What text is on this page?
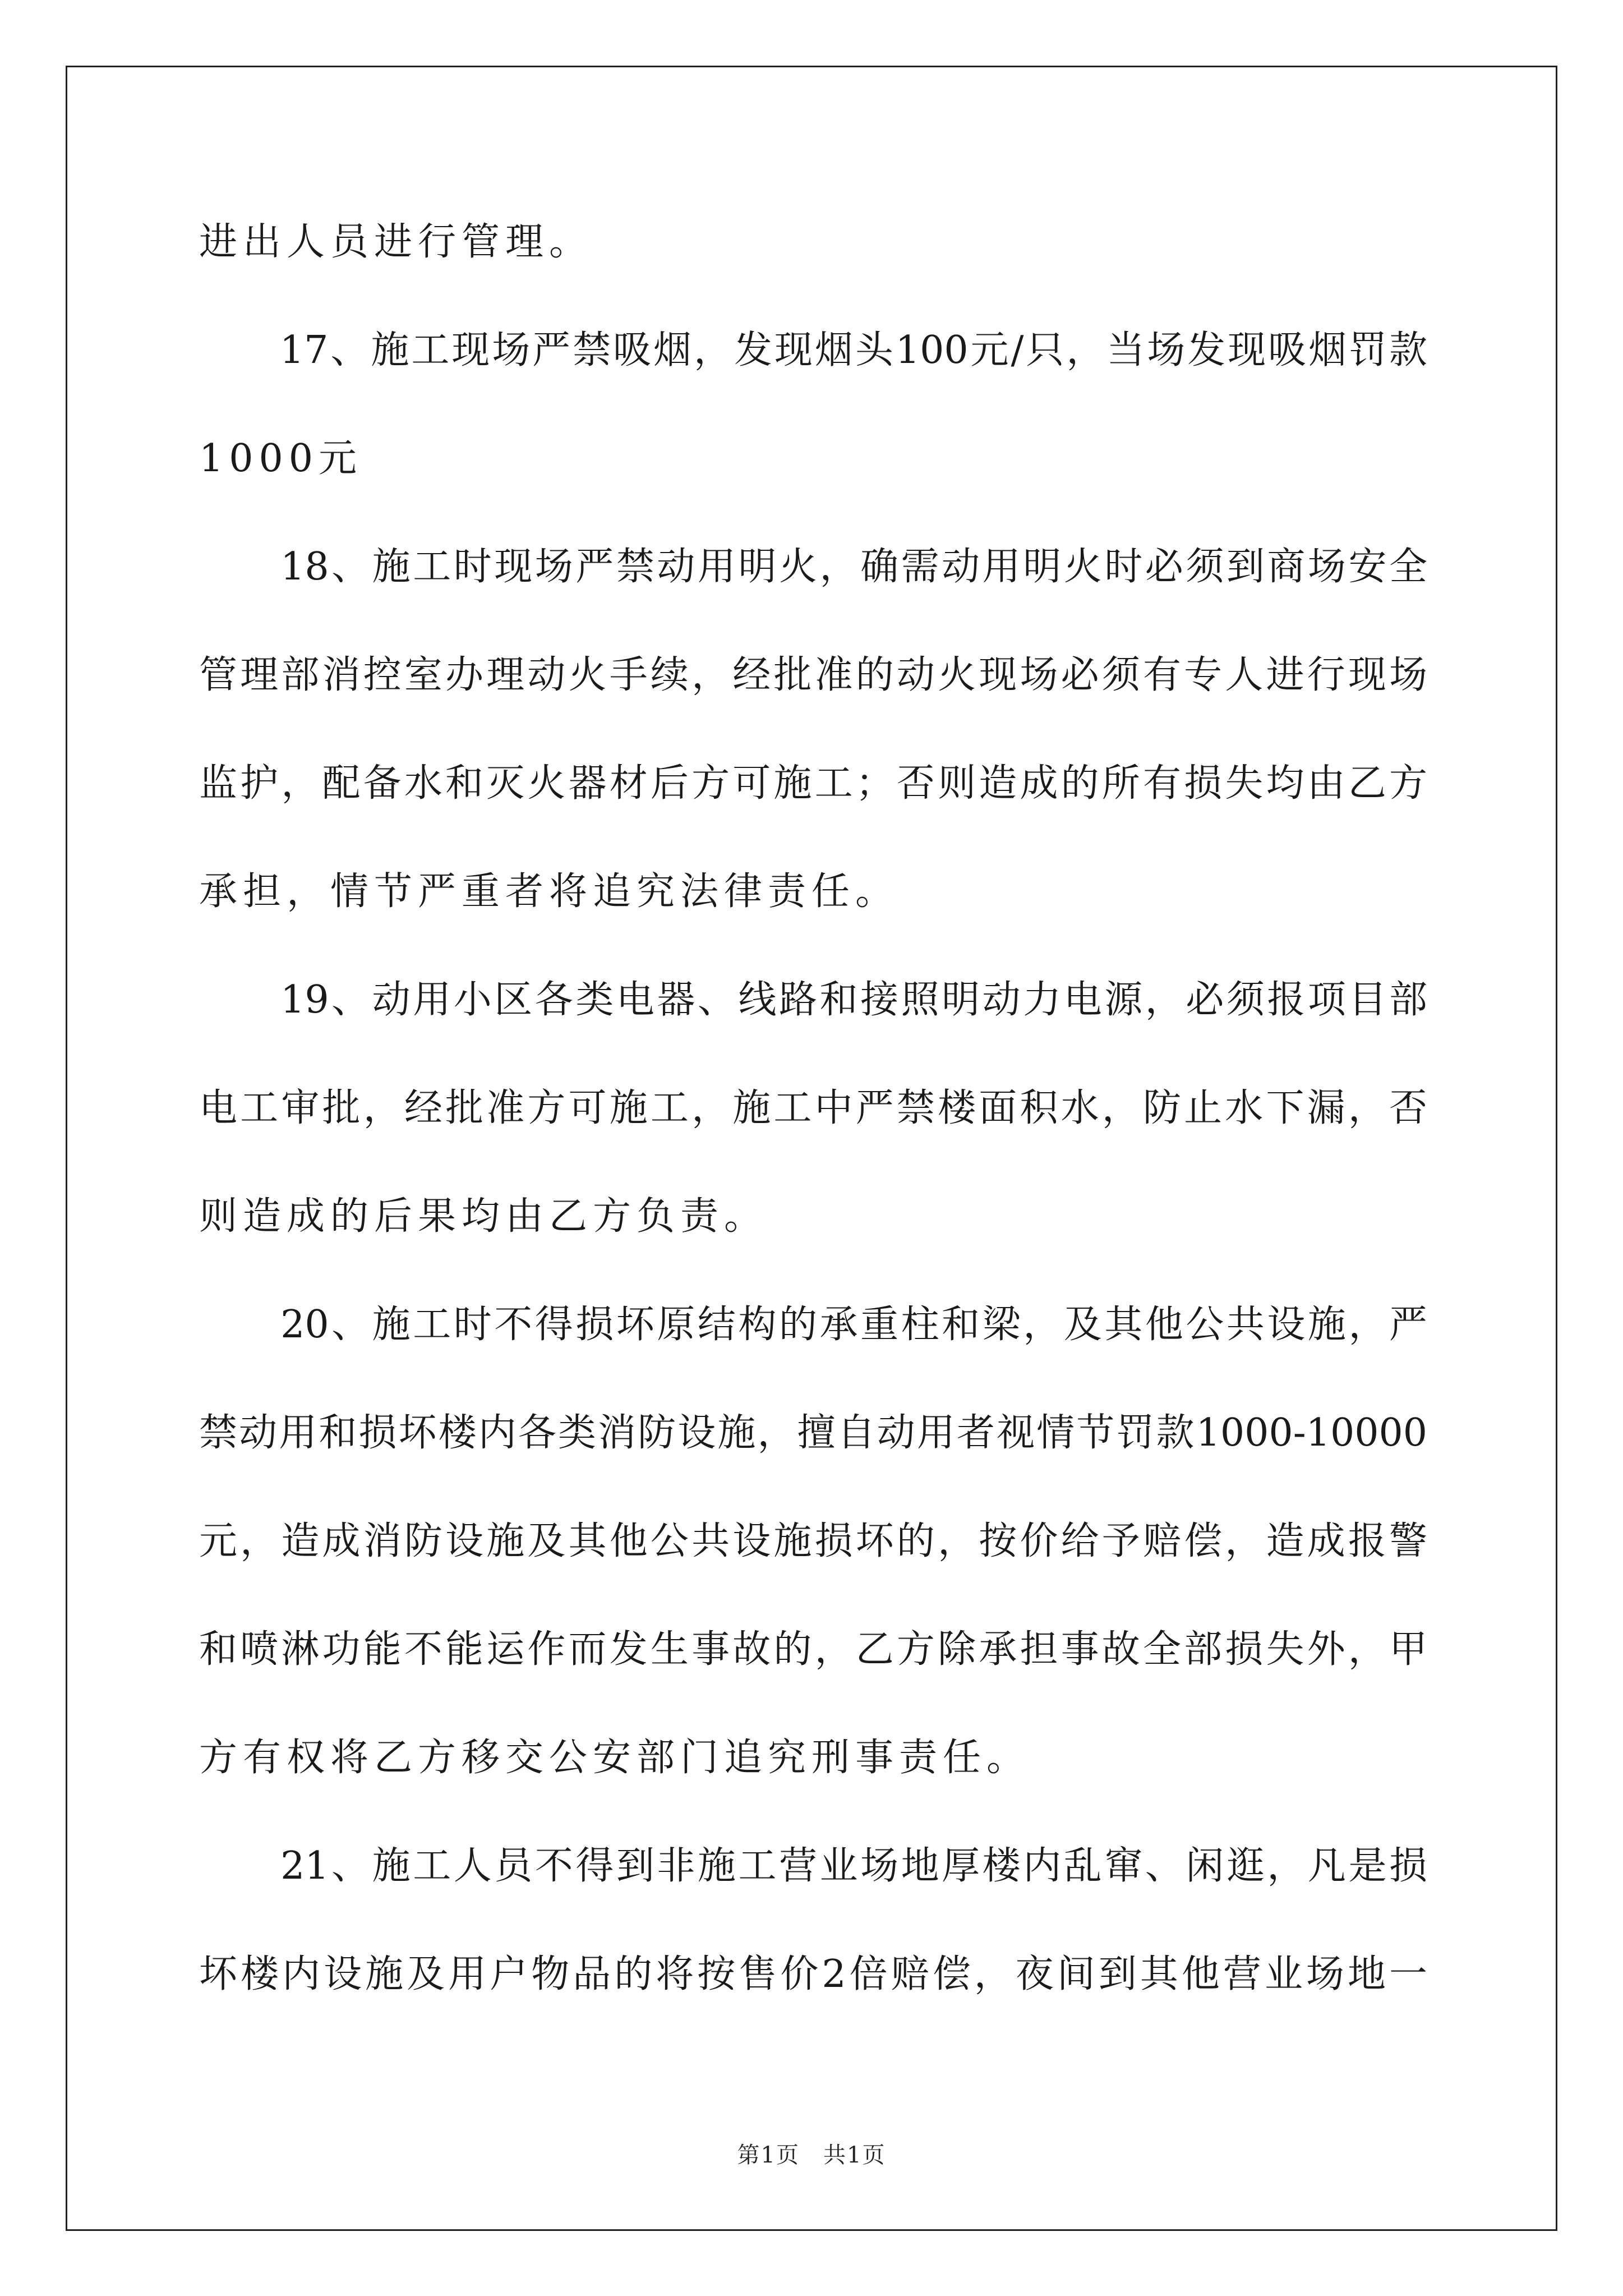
进出人员进行管理。
　　17、施工现场严禁吸烟，发现烟头100元/只，当场发现吸烟罚款
1000元
　　18、施工时现场严禁动用明火，确需动用明火时必须到商场安全
管理部消控室办理动火手续，经批准的动火现场必须有专人进行现场
监护，配备水和灭火器材后方可施工；否则造成的所有损失均由乙方
承担，情节严重者将追究法律责任。
　　19、动用小区各类电器、线路和接照明动力电源，必须报项目部
电工审批，经批准方可施工，施工中严禁楼面积水，防止水下漏，否
则造成的后果均由乙方负责。
　　20、施工时不得损坏原结构的承重柱和梁，及其他公共设施，严
禁动用和损坏楼内各类消防设施，擅自动用者视情节罚款1000-10000
元，造成消防设施及其他公共设施损坏的，按价给予赔偿，造成报警
和喷淋功能不能运作而发生事故的，乙方除承担事故全部损失外，甲
方有权将乙方移交公安部门追究刑事责任。
　　21、施工人员不得到非施工营业场地厚楼内乱窜、闲逛，凡是损
坏楼内设施及用户物品的将按售价2倍赔偿，夜间到其他营业场地一
第1页　共1页
